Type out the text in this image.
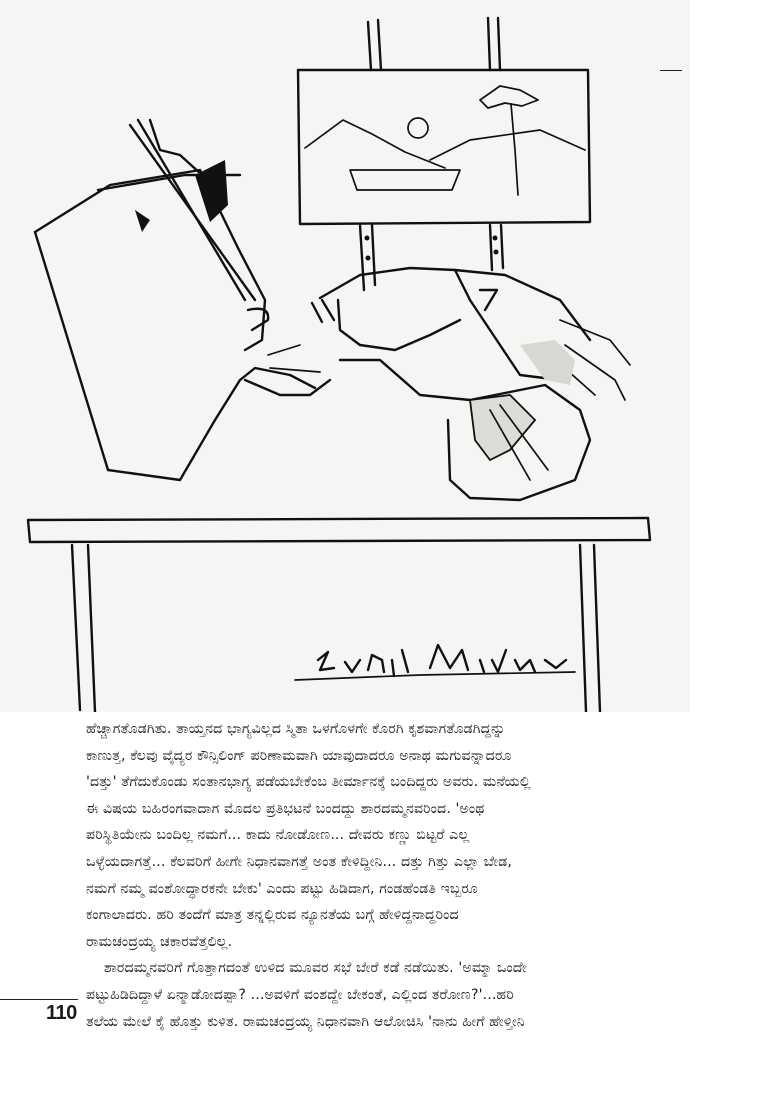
ಹೆಚ್ಚಾಗತೊಡಗಿತು. ತಾಯ್ತನದ ಭಾಗ್ಯವಿಲ್ಲದ ಸ್ಮಿತಾ ಒಳಗೊಳಗೇ ಕೊರಗಿ ಕೃಶವಾಗತೊಡಗಿದ್ದನ್ನು

ಕಾಣುತ್ತ, ಕೆಲವು ವೈದ್ಯರ ಕೌನ್ಸಿಲಿಂಗ್ ಪರಿಣಾಮವಾಗಿ ಯಾವುದಾದರೂ ಅನಾಥ ಮಗುವನ್ನಾದರೂ

'ದತ್ತು' ತೆಗೆದುಕೊಂಡು ಸಂತಾನಭಾಗ್ಯ ಪಡೆಯಬೇಕೆಂಬ ತೀರ್ಮಾನಕ್ಕೆ ಬಂದಿದ್ದರು ಅವರು. ಮನೆಯಲ್ಲಿ

ಈ ವಿಷಯ ಬಹಿರಂಗವಾದಾಗ ಮೊದಲ ಪ್ರತಿಭಟನೆ ಬಂದದ್ದು ಶಾರದಮ್ಮನವರಿಂದ. 'ಅಂಥ

ಪರಿಸ್ಥಿತಿಯೇನು ಬಂದಿಲ್ಲ ನಮಗೆ... ಕಾದು ನೋಡೋಣ... ದೇವರು ಕಣ್ಣು ಬಿಟ್ಟರೆ ಎಲ್ಲ

ಒಳ್ಳೆಯದಾಗತ್ತೆ... ಕೆಲವರಿಗೆ ಹೀಗೇ ನಿಧಾನವಾಗತ್ತೆ ಅಂತ ಕೇಳಿದ್ದೀನಿ... ದತ್ತು ಗಿತ್ತು ಎಲ್ಲಾ ಬೇಡ,

ನಮಗೆ ನಮ್ಮ ವಂಶೋದ್ಧಾರಕನೇ ಬೇಕು' ಎಂದು ಪಟ್ಟು ಹಿಡಿದಾಗ, ಗಂಡಹೆಂಡತಿ ಇಬ್ಬರೂ

ಕಂಗಾಲಾದರು. ಹರಿ ತಂದೆಗೆ ಮಾತ್ರ ತನ್ನಲ್ಲಿರುವ ನ್ಯೂನತೆಯ ಬಗ್ಗೆ ಹೇಳಿದ್ದನಾದ್ದರಿಂದ

ರಾಮಚಂದ್ರಯ್ಯ ಚಕಾರವೆತ್ತಲಿಲ್ಲ.

ಶಾರದಮ್ಮನವರಿಗೆ ಗೊತ್ತಾಗದಂತೆ ಉಳಿದ ಮೂವರ ಸಭೆ ಬೇರೆ ಕಡೆ ನಡೆಯಿತು. 'ಅಮ್ಮಾ ಒಂದೇ

ಪಟ್ಟುಹಿಡಿದಿದ್ದಾಳೆ ಏನ್ಮಾಡೋದಪ್ಪಾ? ...ಅವಳಿಗೆ ವಂಶದ್ದೇ ಬೇಕಂತೆ, ಎಲ್ಲಿಂದ ತರೋಣ?'...ಹರಿ

ತಲೆಯ ಮೇಲೆ ಕೈ ಹೊತ್ತು ಕುಳಿತ. ರಾಮಚಂದ್ರಯ್ಯ ನಿಧಾನವಾಗಿ ಆಲೋಚಿಸಿ 'ನಾನು ಹೀಗೆ ಹೇಳ್ತೀನಿ

110
